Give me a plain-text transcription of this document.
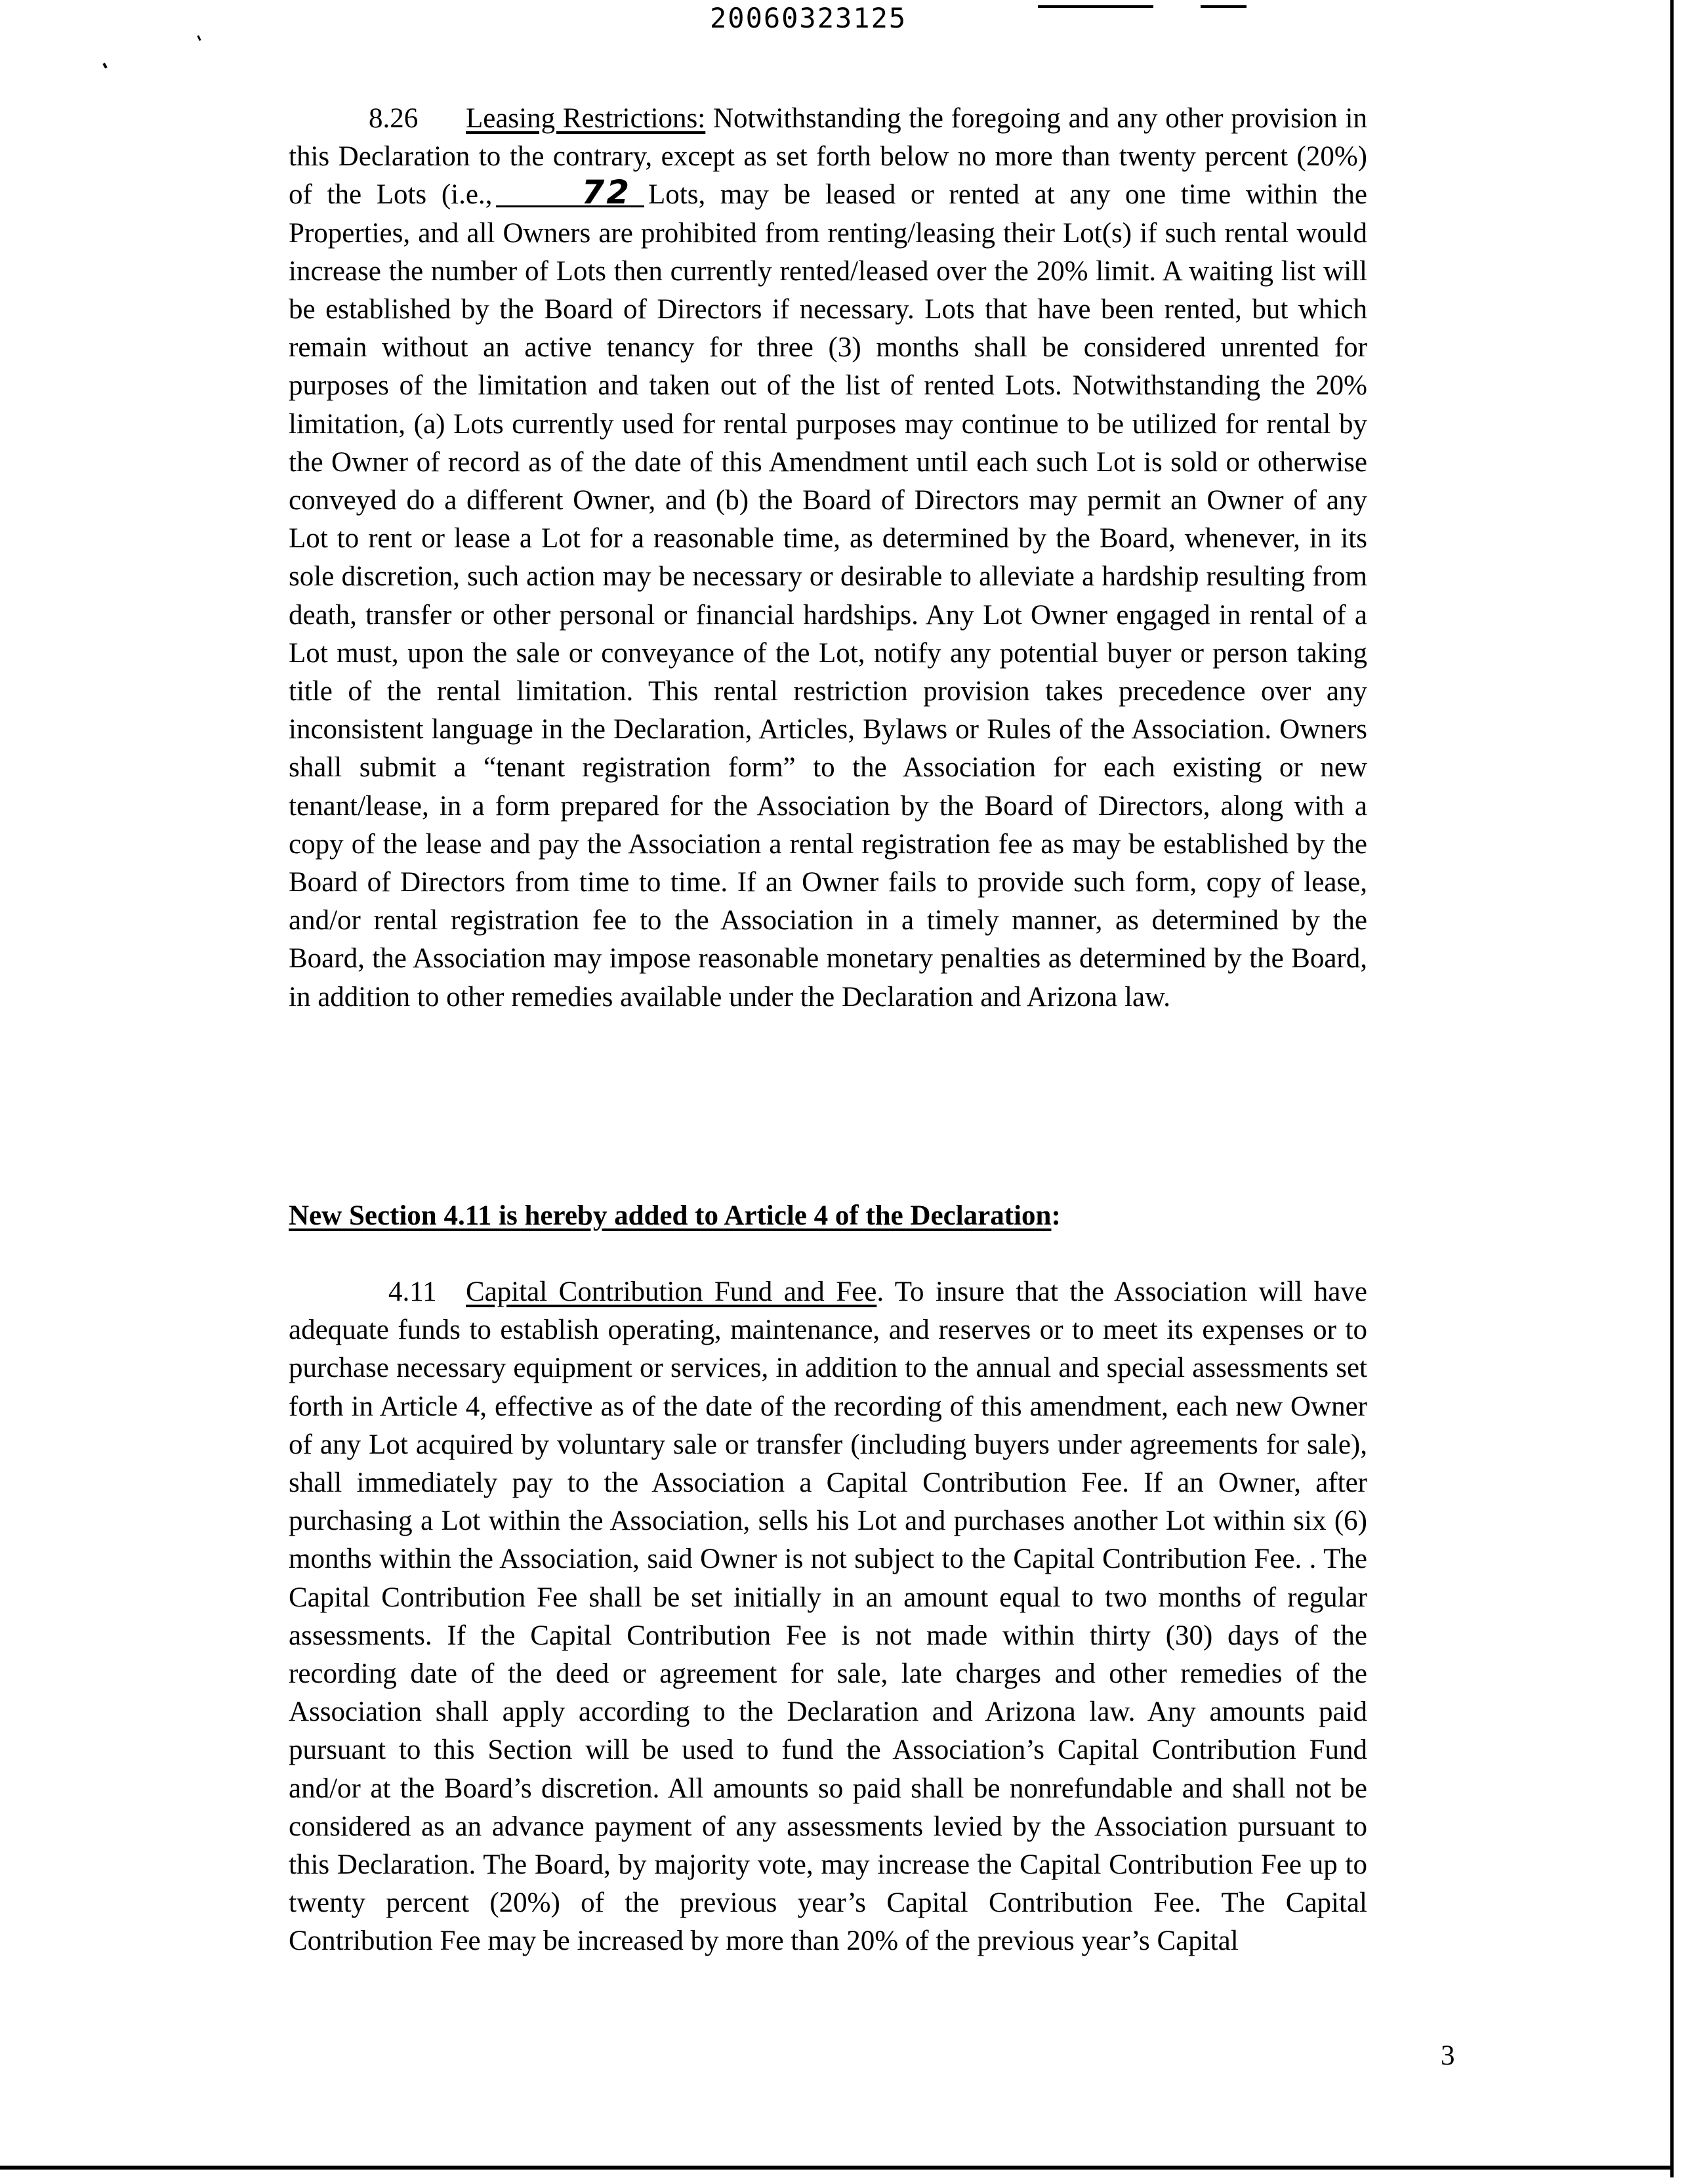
20060323125

8.26 Leasing Restrictions: Notwithstanding the foregoing and any other provision in this Declaration to the contrary, except as set forth below no more than twenty percent (20%) of the Lots (i.e.,	72 Lots, may be leased or rented at any one time within the Properties, and all Owners are prohibited from renting/leasing their Lot(s) if such rental would increase the number of Lots then currently rented/leased over the 20% limit. A waiting list will be established by the Board of Directors if necessary. Lots that have been rented, but which remain without an active tenancy for three (3) months shall be considered unrented for purposes of the limitation and taken out of the list of rented Lots. Notwithstanding the 20% limitation, (a) Lots currently used for rental purposes may continue to be utilized for rental by the Owner of record as of the date of this Amendment until each such Lot is sold or otherwise conveyed do a different Owner, and (b) the Board of Directors may permit an Owner of any Lot to rent or lease a Lot for a reasonable time, as determined by the Board, whenever, in its sole discretion, such action may be necessary or desirable to alleviate a hardship resulting from death, transfer or other personal or financial hardships. Any Lot Owner engaged in rental of a Lot must, upon the sale or conveyance of the Lot, notify any potential buyer or person taking title of the rental limitation. This rental restriction provision takes precedence over any inconsistent language in the Declaration, Articles, Bylaws or Rules of the Association. Owners shall submit a “tenant registration form” to the Association for each existing or new tenant/lease, in a form prepared for the Association by the Board of Directors, along with a copy of the lease and pay the Association a rental registration fee as may be established by the Board of Directors from time to time. If an Owner fails to provide such form, copy of lease, and/or rental registration fee to the Association in a timely manner, as determined by the Board, the Association may impose reasonable monetary penalties as determined by the Board, in addition to other remedies available under the Declaration and Arizona law.

New Section 4.11 is hereby added to Article 4 of the Declaration:

4.11 Capital Contribution Fund and Fee. To insure that the Association will have adequate funds to establish operating, maintenance, and reserves or to meet its expenses or to purchase necessary equipment or services, in addition to the annual and special assessments set forth in Article 4, effective as of the date of the recording of this amendment, each new Owner of any Lot acquired by voluntary sale or transfer (including buyers under agreements for sale), shall immediately pay to the Association a Capital Contribution Fee. If an Owner, after purchasing a Lot within the Association, sells his Lot and purchases another Lot within six (6) months within the Association, said Owner is not subject to the Capital Contribution Fee. . The Capital Contribution Fee shall be set initially in an amount equal to two months of regular assessments. If the Capital Contribution Fee is not made within thirty (30) days of the recording date of the deed or agreement for sale, late charges and other remedies of the Association shall apply according to the Declaration and Arizona law. Any amounts paid pursuant to this Section will be used to fund the Association’s Capital Contribution Fund and/or at the Board’s discretion. All amounts so paid shall be nonrefundable and shall not be considered as an advance payment of any assessments levied by the Association pursuant to this Declaration. The Board, by majority vote, may increase the Capital Contribution Fee up to twenty percent (20%) of the previous year’s Capital Contribution Fee. The Capital Contribution Fee may be increased by more than 20% of the previous year’s Capital

3
